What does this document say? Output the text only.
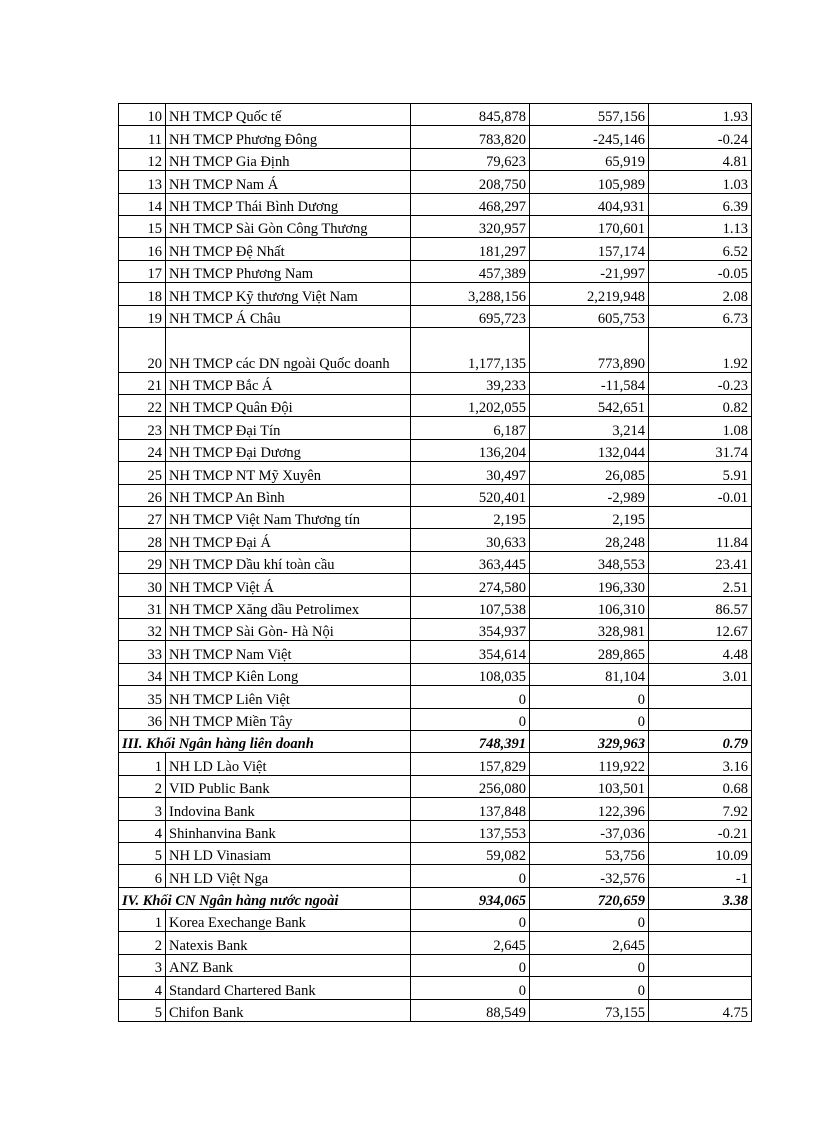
10	NH TMCP Quốc tế	845,878	557,156	1.93
11	NH TMCP Phương Đông	783,820	-245,146	-0.24
12	NH TMCP Gia Định	79,623	65,919	4.81
13	NH TMCP Nam Á	208,750	105,989	1.03
14	NH TMCP Thái Bình Dương	468,297	404,931	6.39
15	NH TMCP Sài Gòn Công Thương	320,957	170,601	1.13
16	NH TMCP Đệ Nhất	181,297	157,174	6.52
17	NH TMCP Phương Nam	457,389	-21,997	-0.05
18	NH TMCP Kỹ thương Việt Nam	3,288,156	2,219,948	2.08
19	NH TMCP Á Châu	695,723	605,753	6.73
20	NH TMCP các DN ngoài Quốc doanh	1,177,135	773,890	1.92
21	NH TMCP Bắc Á	39,233	-11,584	-0.23
22	NH TMCP Quân Đội	1,202,055	542,651	0.82
23	NH TMCP Đại Tín	6,187	3,214	1.08
24	NH TMCP Đại Dương	136,204	132,044	31.74
25	NH TMCP NT Mỹ Xuyên	30,497	26,085	5.91
26	NH TMCP An Bình	520,401	-2,989	-0.01
27	NH TMCP Việt Nam Thương tín	2,195	2,195	
28	NH TMCP Đại Á	30,633	28,248	11.84
29	NH TMCP Dầu khí toàn cầu	363,445	348,553	23.41
30	NH TMCP Việt Á	274,580	196,330	2.51
31	NH TMCP Xăng dầu Petrolimex	107,538	106,310	86.57
32	NH TMCP Sài Gòn- Hà Nội	354,937	328,981	12.67
33	NH TMCP Nam Việt	354,614	289,865	4.48
34	NH TMCP Kiên Long	108,035	81,104	3.01
35	NH TMCP Liên Việt	0	0	
36	NH TMCP Miền Tây	0	0	
III. Khối Ngân hàng liên doanh		748,391	329,963	0.79
1	NH LD Lào Việt	157,829	119,922	3.16
2	VID Public Bank	256,080	103,501	0.68
3	Indovina Bank	137,848	122,396	7.92
4	Shinhanvina Bank	137,553	-37,036	-0.21
5	NH LD Vinasiam	59,082	53,756	10.09
6	NH LD Việt Nga	0	-32,576	-1
IV. Khối CN Ngân hàng nước ngoài		934,065	720,659	3.38
1	Korea Exechange Bank	0	0	
2	Natexis Bank	2,645	2,645	
3	ANZ Bank	0	0	
4	Standard Chartered Bank	0	0	
5	Chifon Bank	88,549	73,155	4.75
